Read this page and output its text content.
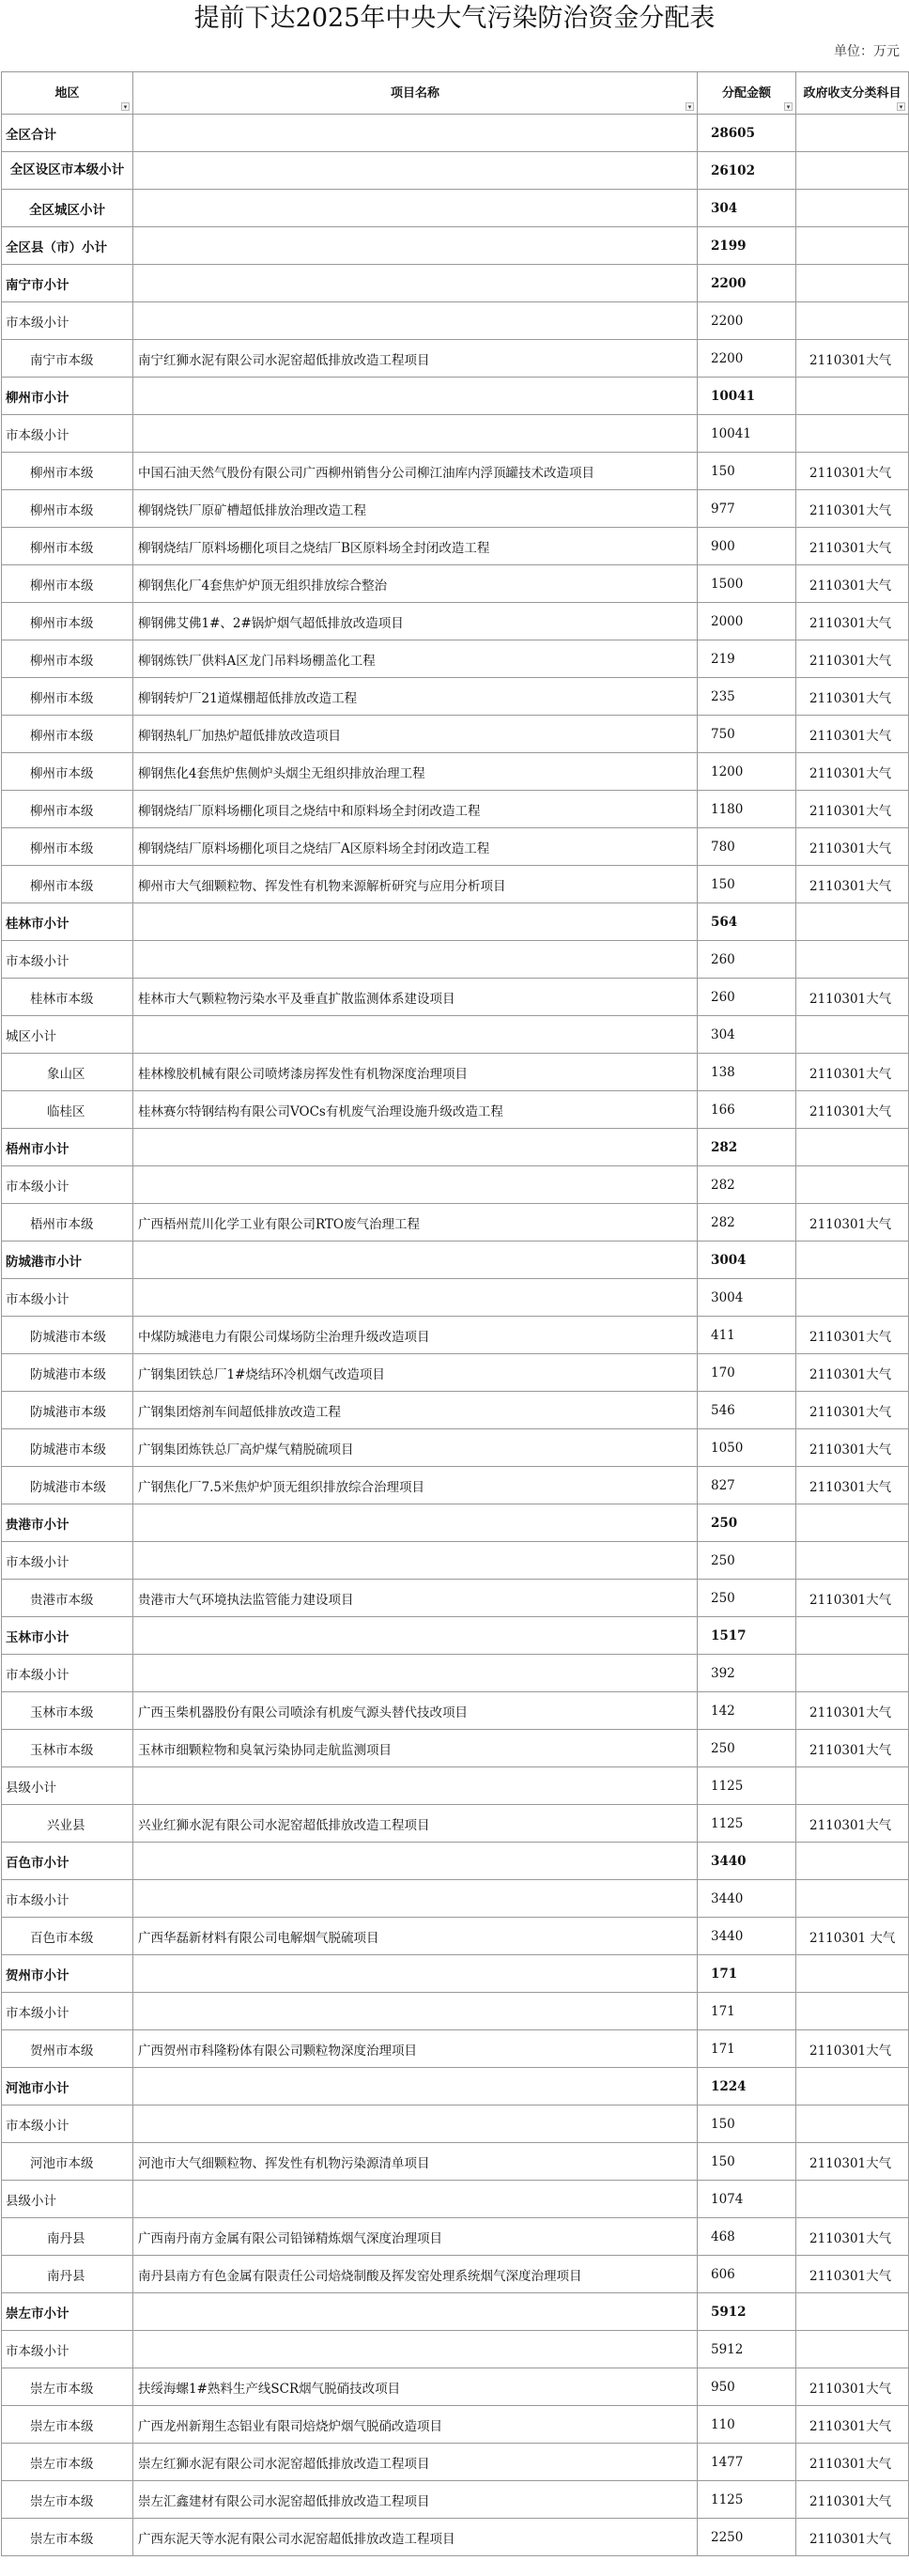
提前下达2025年中央大气污染防治资金分配表
单位：万元
地区
▾	项目名称
▾	分配金额
▾	政府收支分类科目
▾

全区合计		28605	
全区设区市本级小计		26102	
全区城区小计		304	
全区县（市）小计		2199	
南宁市小计		2200	
市本级小计		2200	
南宁市本级	南宁红狮水泥有限公司水泥窑超低排放改造工程项目	2200	2110301大气
柳州市小计		10041	
市本级小计		10041	
柳州市本级	中国石油天然气股份有限公司广西柳州销售分公司柳江油库内浮顶罐技术改造项目	150	2110301大气
柳州市本级	柳钢烧铁厂原矿槽超低排放治理改造工程	977	2110301大气
柳州市本级	柳钢烧结厂原料场棚化项目之烧结厂B区原料场全封闭改造工程	900	2110301大气
柳州市本级	柳钢焦化厂4套焦炉炉顶无组织排放综合整治	1500	2110301大气
柳州市本级	柳钢佛艾佛1#、2#锅炉烟气超低排放改造项目	2000	2110301大气
柳州市本级	柳钢炼铁厂供料A区龙门吊料场棚盖化工程	219	2110301大气
柳州市本级	柳钢转炉厂21道煤棚超低排放改造工程	235	2110301大气
柳州市本级	柳钢热轧厂加热炉超低排放改造项目	750	2110301大气
柳州市本级	柳钢焦化4套焦炉焦侧炉头烟尘无组织排放治理工程	1200	2110301大气
柳州市本级	柳钢烧结厂原料场棚化项目之烧结中和原料场全封闭改造工程	1180	2110301大气
柳州市本级	柳钢烧结厂原料场棚化项目之烧结厂A区原料场全封闭改造工程	780	2110301大气
柳州市本级	柳州市大气细颗粒物、挥发性有机物来源解析研究与应用分析项目	150	2110301大气
桂林市小计		564	
市本级小计		260	
桂林市本级	桂林市大气颗粒物污染水平及垂直扩散监测体系建设项目	260	2110301大气
城区小计		304	
象山区	桂林橡胶机械有限公司喷烤漆房挥发性有机物深度治理项目	138	2110301大气
临桂区	桂林赛尔特钢结构有限公司VOCs有机废气治理设施升级改造工程	166	2110301大气
梧州市小计		282	
市本级小计		282	
梧州市本级	广西梧州荒川化学工业有限公司RTO废气治理工程	282	2110301大气
防城港市小计		3004	
市本级小计		3004	
防城港市本级	中煤防城港电力有限公司煤场防尘治理升级改造项目	411	2110301大气
防城港市本级	广钢集团铁总厂1#烧结环冷机烟气改造项目	170	2110301大气
防城港市本级	广钢集团熔剂车间超低排放改造工程	546	2110301大气
防城港市本级	广钢集团炼铁总厂高炉煤气精脱硫项目	1050	2110301大气
防城港市本级	广钢焦化厂7.5米焦炉炉顶无组织排放综合治理项目	827	2110301大气
贵港市小计		250	
市本级小计		250	
贵港市本级	贵港市大气环境执法监管能力建设项目	250	2110301大气
玉林市小计		1517	
市本级小计		392	
玉林市本级	广西玉柴机器股份有限公司喷涂有机废气源头替代技改项目	142	2110301大气
玉林市本级	玉林市细颗粒物和臭氧污染协同走航监测项目	250	2110301大气
县级小计		1125	
兴业县	兴业红狮水泥有限公司水泥窑超低排放改造工程项目	1125	2110301大气
百色市小计		3440	
市本级小计		3440	
百色市本级	广西华磊新材料有限公司电解烟气脱硫项目	3440	2110301 大气
贺州市小计		171	
市本级小计		171	
贺州市本级	广西贺州市科隆粉体有限公司颗粒物深度治理项目	171	2110301大气
河池市小计		1224	
市本级小计		150	
河池市本级	河池市大气细颗粒物、挥发性有机物污染源清单项目	150	2110301大气
县级小计		1074	
南丹县	广西南丹南方金属有限公司铅锑精炼烟气深度治理项目	468	2110301大气
南丹县	南丹县南方有色金属有限责任公司焙烧制酸及挥发窑处理系统烟气深度治理项目	606	2110301大气
崇左市小计		5912	
市本级小计		5912	
崇左市本级	扶绥海螺1#熟料生产线SCR烟气脱硝技改项目	950	2110301大气
崇左市本级	广西龙州新翔生态铝业有限司焙烧炉烟气脱硝改造项目	110	2110301大气
崇左市本级	崇左红狮水泥有限公司水泥窑超低排放改造工程项目	1477	2110301大气
崇左市本级	崇左汇鑫建材有限公司水泥窑超低排放改造工程项目	1125	2110301大气
崇左市本级	广西东泥天等水泥有限公司水泥窑超低排放改造工程项目	2250	2110301大气
